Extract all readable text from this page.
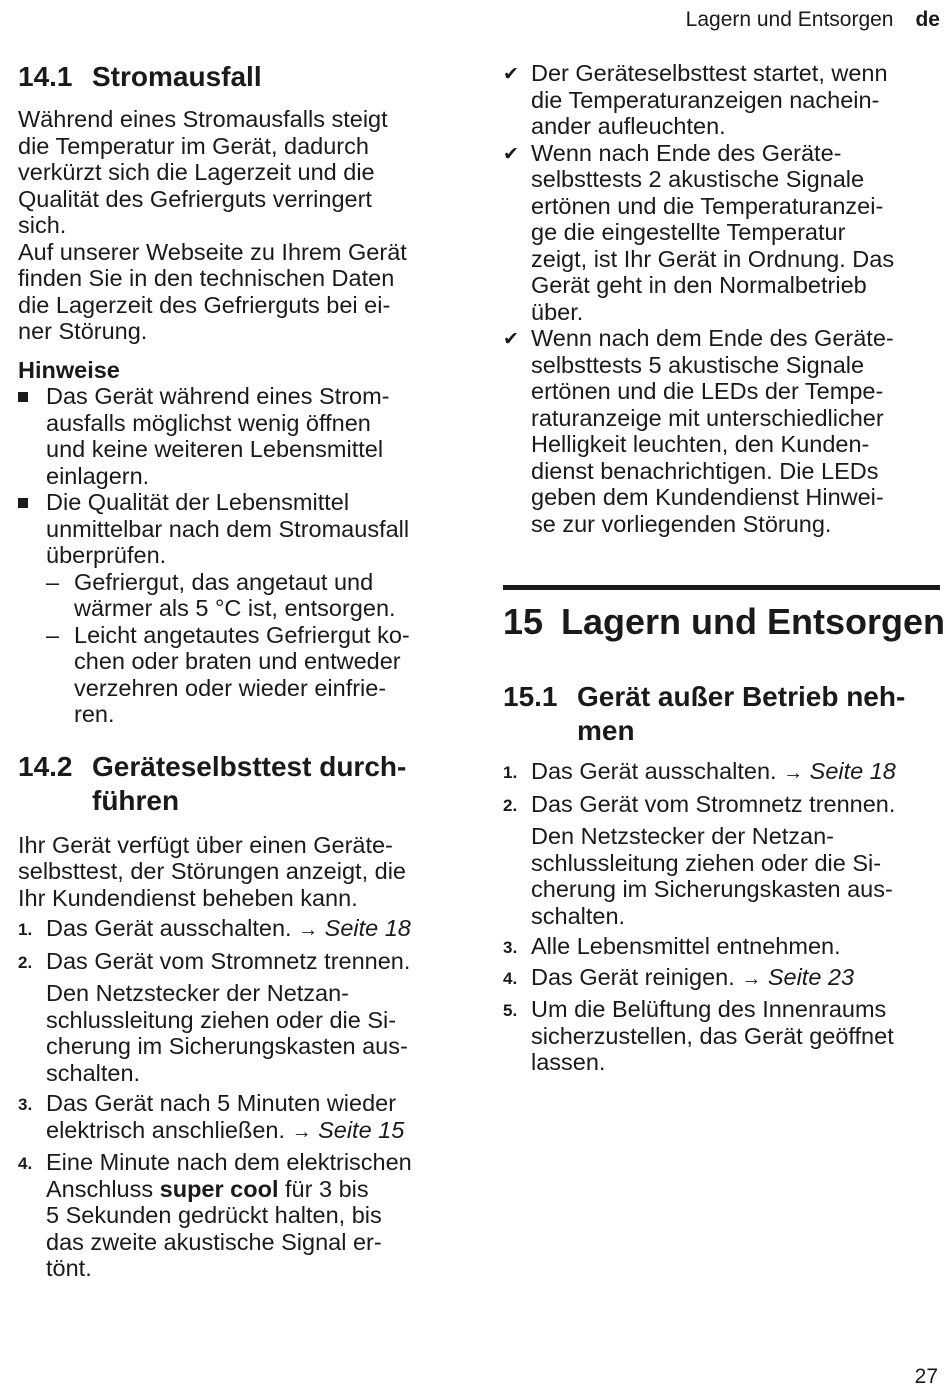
Lagern und Entsorgen de
14.1 Stromausfall
Während eines Stromausfalls steigt
die Temperatur im Gerät, dadurch
verkürzt sich die Lagerzeit und die
Qualität des Gefrierguts verringert
sich.
Auf unserer Webseite zu Ihrem Gerät
finden Sie in den technischen Daten
die Lagerzeit des Gefrierguts bei ei-
ner Störung.
Hinweise
Das Gerät während eines Strom-
ausfalls möglichst wenig öffnen
und keine weiteren Lebensmittel
einlagern.
Die Qualität der Lebensmittel
unmittelbar nach dem Stromausfall
überprüfen.
– Gefriergut, das angetaut und
wärmer als 5 °C ist, entsorgen.
– Leicht angetautes Gefriergut ko-
chen oder braten und entweder
verzehren oder wieder einfrie-
ren.
14.2 Geräteselbsttest durch-
führen
Ihr Gerät verfügt über einen Geräte-
selbsttest, der Störungen anzeigt, die
Ihr Kundendienst beheben kann.
1. Das Gerät ausschalten. → Seite 18
2. Das Gerät vom Stromnetz trennen.
Den Netzstecker der Netzan-
schlussleitung ziehen oder die Si-
cherung im Sicherungskasten aus-
schalten.
3. Das Gerät nach 5 Minuten wieder
elektrisch anschließen. → Seite 15
4. Eine Minute nach dem elektrischen
Anschluss super cool für 3 bis
5 Sekunden gedrückt halten, bis
das zweite akustische Signal er-
tönt.
✔ Der Geräteselbsttest startet, wenn
die Temperaturanzeigen nachein-
ander aufleuchten.
✔ Wenn nach Ende des Geräte-
selbsttests 2 akustische Signale
ertönen und die Temperaturanzei-
ge die eingestellte Temperatur
zeigt, ist Ihr Gerät in Ordnung. Das
Gerät geht in den Normalbetrieb
über.
✔ Wenn nach dem Ende des Geräte-
selbsttests 5 akustische Signale
ertönen und die LEDs der Tempe-
raturanzeige mit unterschiedlicher
Helligkeit leuchten, den Kunden-
dienst benachrichtigen. Die LEDs
geben dem Kundendienst Hinwei-
se zur vorliegenden Störung.
15 Lagern und Entsorgen
15.1 Gerät außer Betrieb neh-
men
1. Das Gerät ausschalten. → Seite 18
2. Das Gerät vom Stromnetz trennen.
Den Netzstecker der Netzan-
schlussleitung ziehen oder die Si-
cherung im Sicherungskasten aus-
schalten.
3. Alle Lebensmittel entnehmen.
4. Das Gerät reinigen. → Seite 23
5. Um die Belüftung des Innenraums
sicherzustellen, das Gerät geöffnet
lassen.
27
